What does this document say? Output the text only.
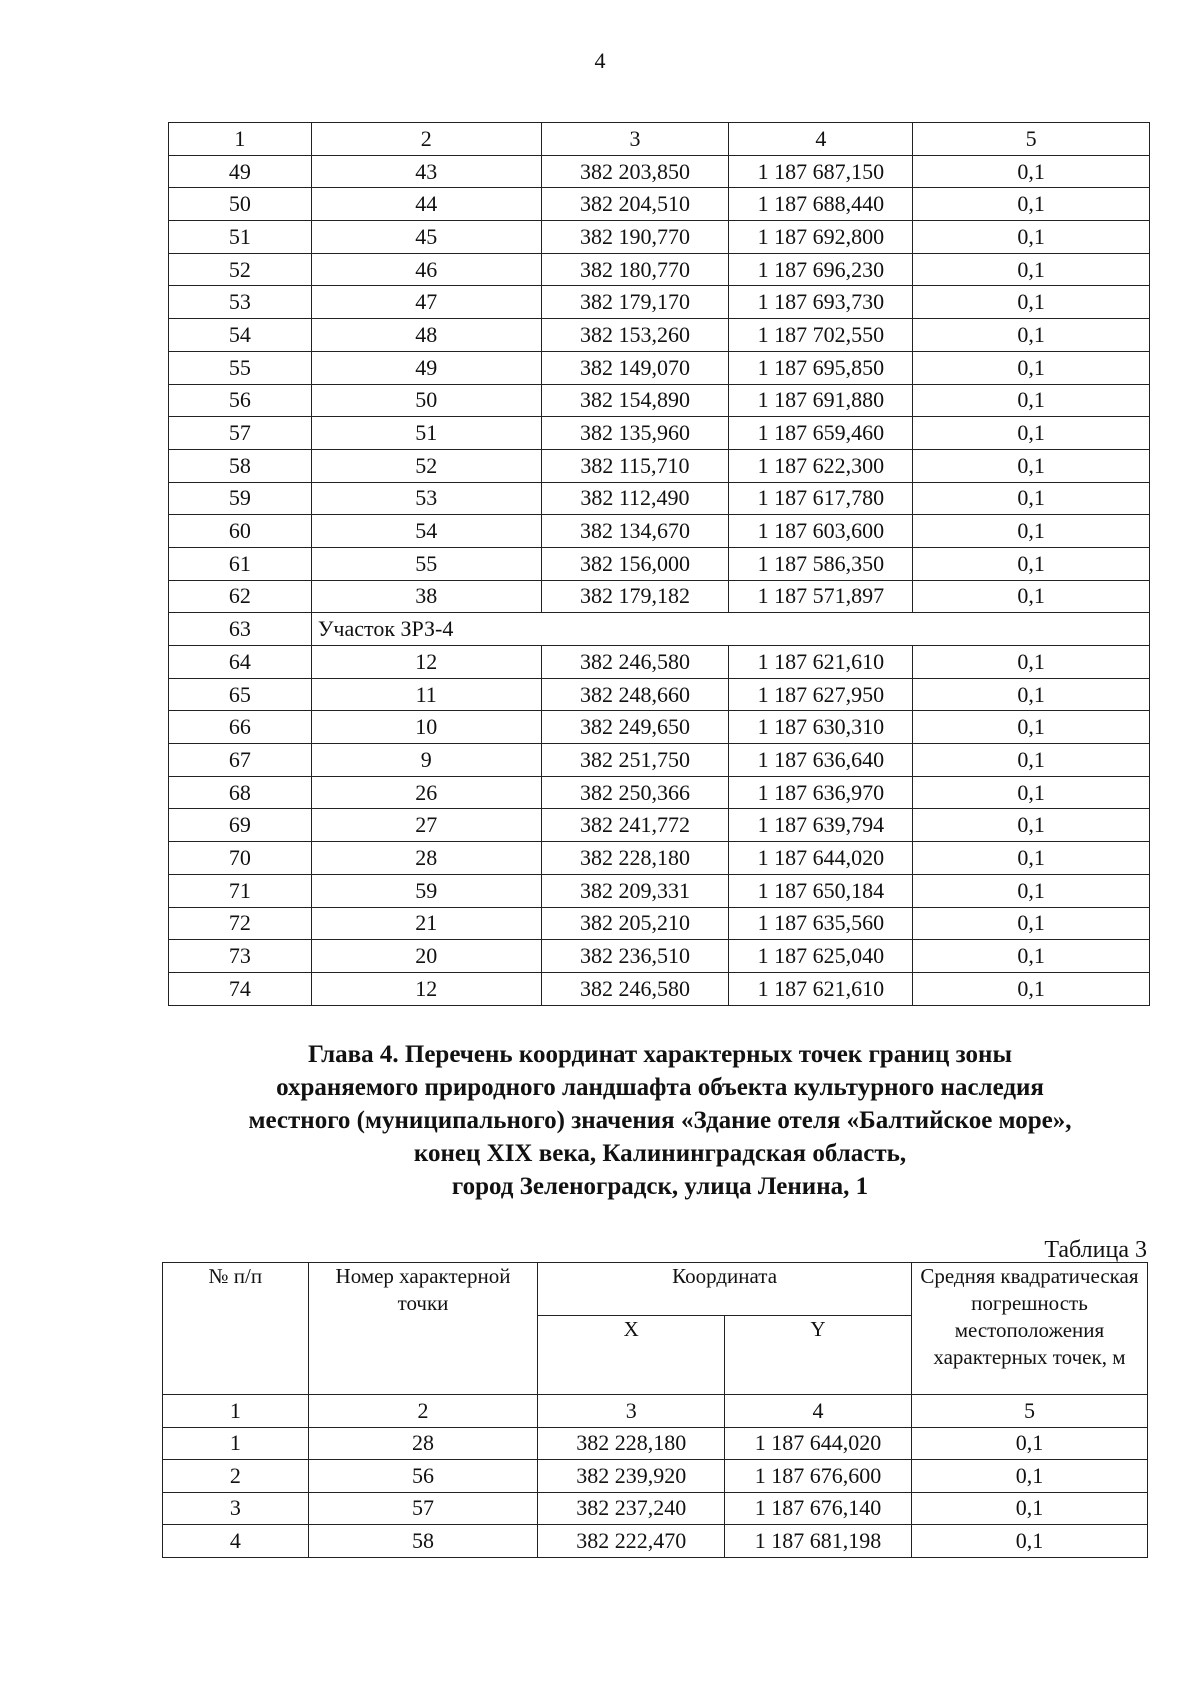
4
1	2	3	4	5
49	43	382 203,850	1 187 687,150	0,1
50	44	382 204,510	1 187 688,440	0,1
51	45	382 190,770	1 187 692,800	0,1
52	46	382 180,770	1 187 696,230	0,1
53	47	382 179,170	1 187 693,730	0,1
54	48	382 153,260	1 187 702,550	0,1
55	49	382 149,070	1 187 695,850	0,1
56	50	382 154,890	1 187 691,880	0,1
57	51	382 135,960	1 187 659,460	0,1
58	52	382 115,710	1 187 622,300	0,1
59	53	382 112,490	1 187 617,780	0,1
60	54	382 134,670	1 187 603,600	0,1
61	55	382 156,000	1 187 586,350	0,1
62	38	382 179,182	1 187 571,897	0,1
63	Участок ЗРЗ-4			
64	12	382 246,580	1 187 621,610	0,1
65	11	382 248,660	1 187 627,950	0,1
66	10	382 249,650	1 187 630,310	0,1
67	9	382 251,750	1 187 636,640	0,1
68	26	382 250,366	1 187 636,970	0,1
69	27	382 241,772	1 187 639,794	0,1
70	28	382 228,180	1 187 644,020	0,1
71	59	382 209,331	1 187 650,184	0,1
72	21	382 205,210	1 187 635,560	0,1
73	20	382 236,510	1 187 625,040	0,1
74	12	382 246,580	1 187 621,610	0,1
Глава 4. Перечень координат характерных точек границ зоны
охраняемого природного ландшафта объекта культурного наследия
местного (муниципального) значения «Здание отеля «Балтийское море»,
конец XIX века, Калининградская область,
город Зеленоградск, улица Ленина, 1
Таблица 3
№ п/п	Номер характерной точки	Координата		Средняя квадратическая погрешность местоположения характерных точек, м
		X	Y	
1	2	3	4	5
1	28	382 228,180	1 187 644,020	0,1
2	56	382 239,920	1 187 676,600	0,1
3	57	382 237,240	1 187 676,140	0,1
4	58	382 222,470	1 187 681,198	0,1
